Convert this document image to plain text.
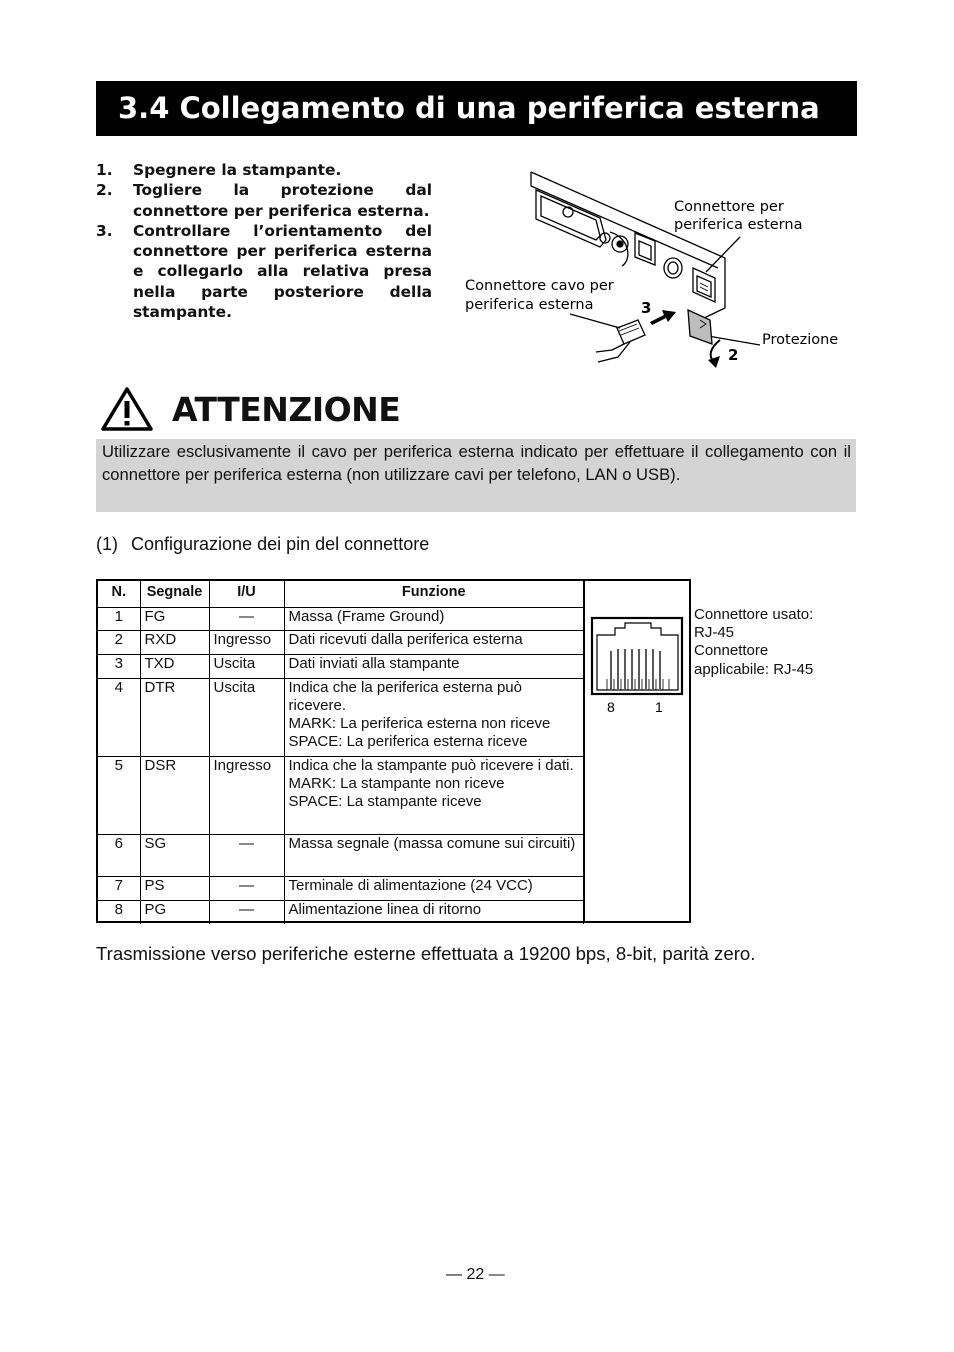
3.4 Collegamento di una periferica esterna
1.	Spegnere la stampante.
2.	Togliere la protezione dal connettore per periferica esterna.
3.	Controllare l’orientamento del connettore per periferica esterna e collegarlo alla relativa presa nella parte posteriore della stampante.
Connettore per
periferica esterna
Connettore cavo per
periferica esterna
Protezione
3
2
ATTENZIONE
Utilizzare esclusivamente il cavo per periferica esterna indicato per effettuare il collegamento con il connettore per periferica esterna (non utilizzare cavi per telefono, LAN o USB).
(1) Configurazione dei pin del connettore
N.	Segnale	I/U	Funzione
1	FG	—	Massa (Frame Ground)
2	RXD	Ingresso	Dati ricevuti dalla periferica esterna
3	TXD	Uscita	Dati inviati alla stampante
4	DTR	Uscita	Indica che la periferica esterna può ricevere.
MARK: La periferica esterna non riceve
SPACE: La periferica esterna riceve

5	DSR	Ingresso	Indica che la stampante può ricevere i dati.
MARK: La stampante non riceve
SPACE: La stampante riceve

6	SG	—	Massa segnale (massa comune sui circuiti)
7	PS	—	Terminale di alimentazione (24 VCC)
8	PG	—	Alimentazione linea di ritorno
8	1
Connettore usato:
RJ-45
Connettore
applicabile: RJ-45
Trasmissione verso periferiche esterne effettuata a 19200 bps, 8-bit, parità zero.
— 22 —
